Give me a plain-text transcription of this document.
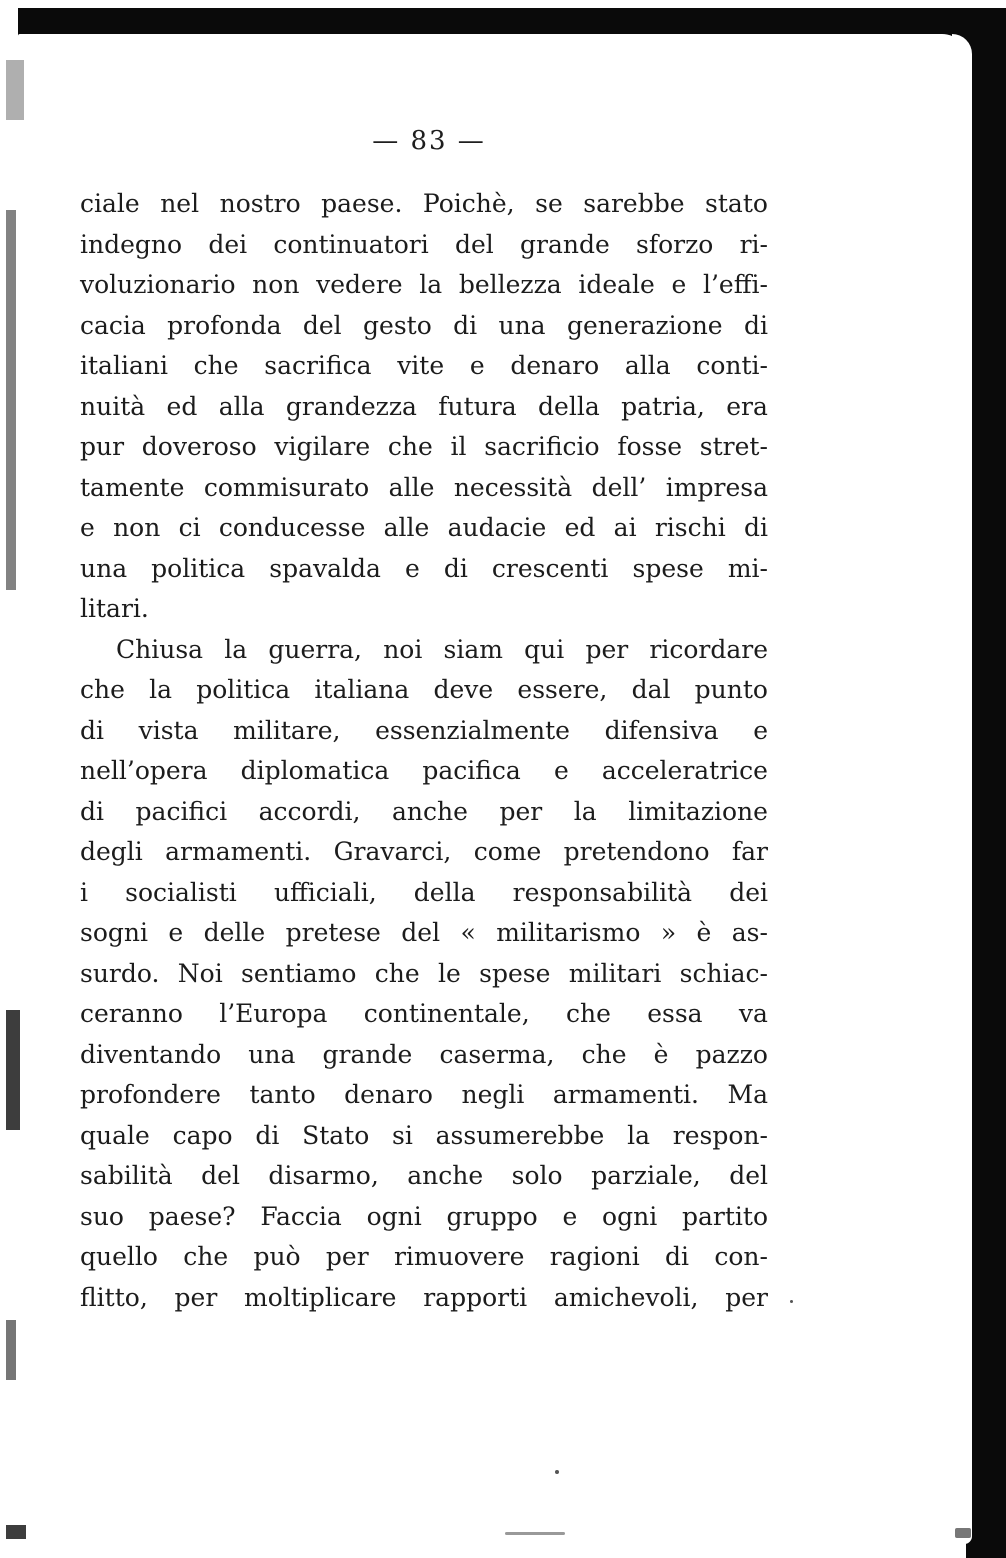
— 83 —
ciale nel nostro paese. Poichè, se sarebbe stato
indegno dei continuatori del grande sforzo ri-
voluzionario non vedere la bellezza ideale e l’effi-
cacia profonda del gesto di una generazione di
italiani che sacrifica vite e denaro alla conti-
nuità ed alla grandezza futura della patria, era
pur doveroso vigilare che il sacrificio fosse stret-
tamente commisurato alle necessità dell’ impresa
e non ci conducesse alle audacie ed ai rischi di
una politica spavalda e di crescenti spese mi-
litari.
Chiusa la guerra, noi siam qui per ricordare
che la politica italiana deve essere, dal punto
di vista militare, essenzialmente difensiva e
nell’opera diplomatica pacifica e acceleratrice
di pacifici accordi, anche per la limitazione
degli armamenti. Gravarci, come pretendono far
i socialisti ufficiali, della responsabilità dei
sogni e delle pretese del « militarismo » è as-
surdo. Noi sentiamo che le spese militari schiac-
ceranno l’Europa continentale, che essa va
diventando una grande caserma, che è pazzo
profondere tanto denaro negli armamenti. Ma
quale capo di Stato si assumerebbe la respon-
sabilità del disarmo, anche solo parziale, del
suo paese? Faccia ogni gruppo e ogni partito
quello che può per rimuovere ragioni di con-
flitto, per moltiplicare rapporti amichevoli, per
